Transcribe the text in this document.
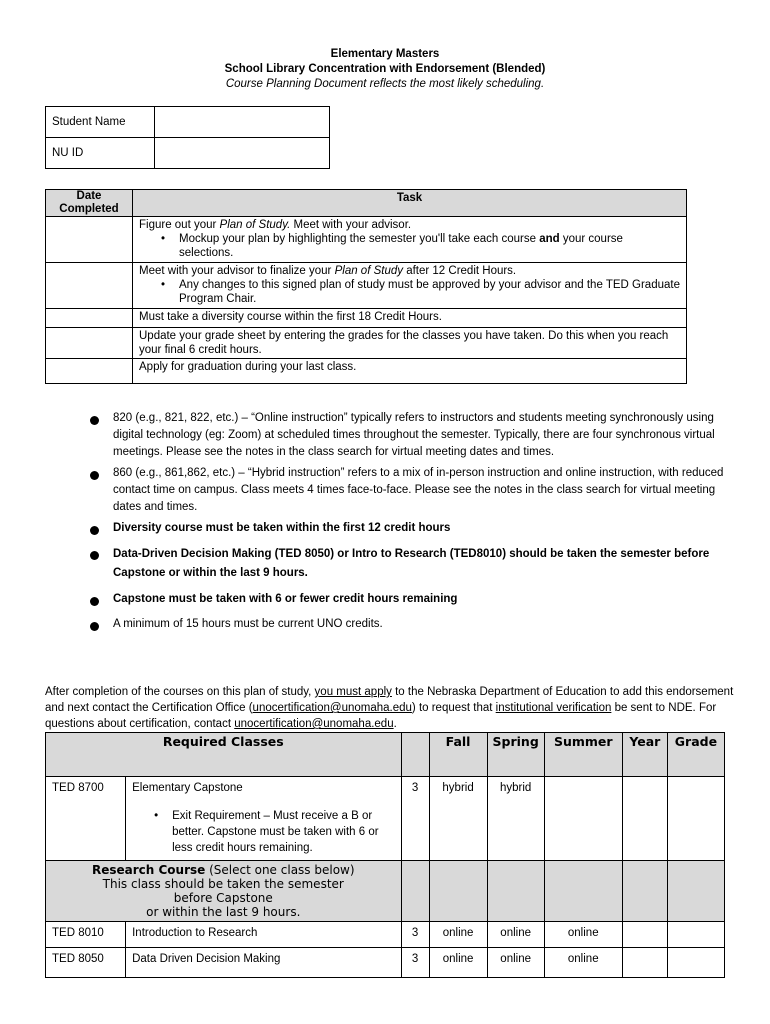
Elementary Masters
School Library Concentration with Endorsement (Blended)
Course Planning Document reflects the most likely scheduling.
Student Name	
NU ID	
Date Completed	Task

	Figure out your Plan of Study. Meet with your advisor.
• Mockup your plan by highlighting the semester you'll take each course and your course selections.

	Meet with your advisor to finalize your Plan of Study after 12 Credit Hours.
• Any changes to this signed plan of study must be approved by your advisor and the TED Graduate Program Chair.

	Must take a diversity course within the first 18 Credit Hours.
	Update your grade sheet by entering the grades for the classes you have taken. Do this when you reach your final 6 credit hours.
	Apply for graduation during your last class.
820 (e.g., 821, 822, etc.) – “Online instruction” typically refers to instructors and students meeting synchronously using digital technology (eg: Zoom) at scheduled times throughout the semester. Typically, there are four synchronous virtual meetings. Please see the notes in the class search for virtual meeting dates and times.
860 (e.g., 861,862, etc.) – “Hybrid instruction” refers to a mix of in-person instruction and online instruction, with reduced contact time on campus. Class meets 4 times face-to-face. Please see the notes in the class search for virtual meeting dates and times.
Diversity course must be taken within the first 12 credit hours
Data-Driven Decision Making (TED 8050) or Intro to Research (TED8010) should be taken the semester before Capstone or within the last 9 hours.
Capstone must be taken with 6 or fewer credit hours remaining
A minimum of 15 hours must be current UNO credits.
After completion of the courses on this plan of study, you must apply to the Nebraska Department of Education to add this endorsement and next contact the Certification Office (unocertification@unomaha.edu) to request that institutional verification be sent to NDE. For questions about certification, contact unocertification@unomaha.edu.
Required Classes			Fall	Spring	Summer	Year	Grade
TED 8700	Elementary Capstone
• Exit Requirement – Must receive a B or better. Capstone must be taken with 6 or less credit hours remaining.	3	hybrid	hybrid			

Research Course (Select one class below)
This class should be taken the semester before Capstone
or within the last 9 hours.							

TED 8010	Introduction to Research	3	online	online	online		
TED 8050	Data Driven Decision Making	3	online	online	online		
